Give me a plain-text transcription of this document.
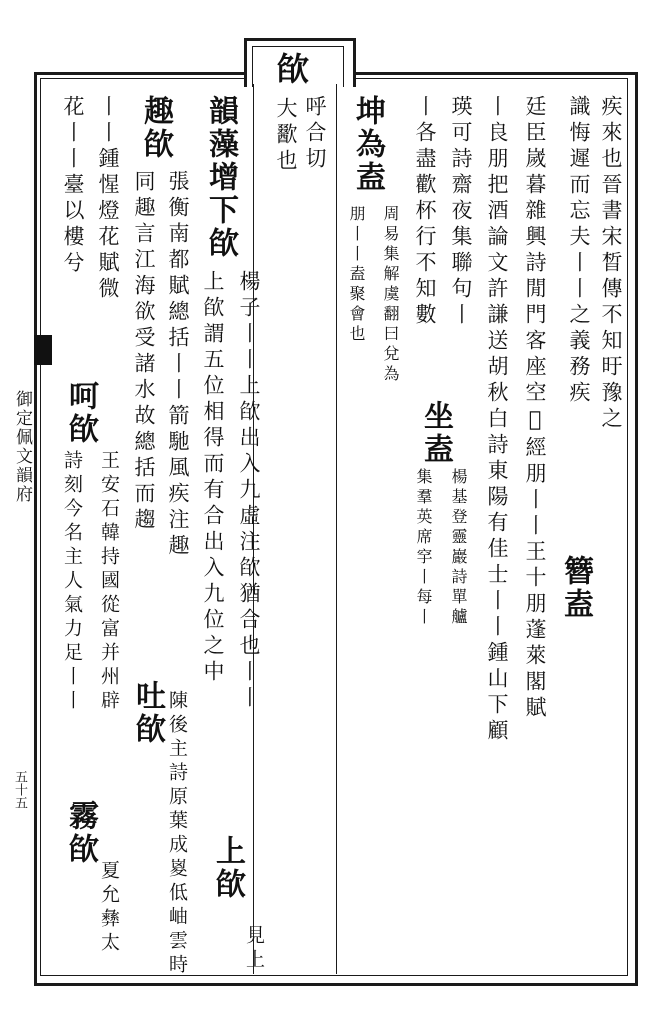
御定佩文韻府
五十五
欿
呼合切
大歠也	疾來也晉書宋晳傳不知旴豫之
識悔遲而忘夫丨丨之義務疾
廷臣嵗暮雜興詩閒門客座空𤍳經朋丨丨王十朋蓬萊閣賦
丨良朋把酒論文許謙送胡秋白詩東陽有佳士丨丨鍾山下顧
瑛可詩齋夜集聯句丨
丨各盡歡杯行不知數
簪盍
坐盍
楊基登靈巖詩單艫
集羣英席穻丨每丨
坤為盍
周易集解虞翻曰兌為
朋丨丨盍聚會也
韻藻增下欿
楊子丨丨上欿出入九虛注欿猶合也丨丨
上欿謂五位相得而有合出入九位之中
上欿
見上
趣欿
張衡南都賦總括丨丨箭馳風疾注趣
同趣言江海欲受諸水故總括而趨
吐欿 陳後主詩原葉成嵏低岫雲時
丨丨鍾惺燈花賦微
花丨丨臺以樓兮
呵欿
王安石韓持國從富并州辟
詩刻今名主人氣力足丨丨
霧欿
夏允彝太
